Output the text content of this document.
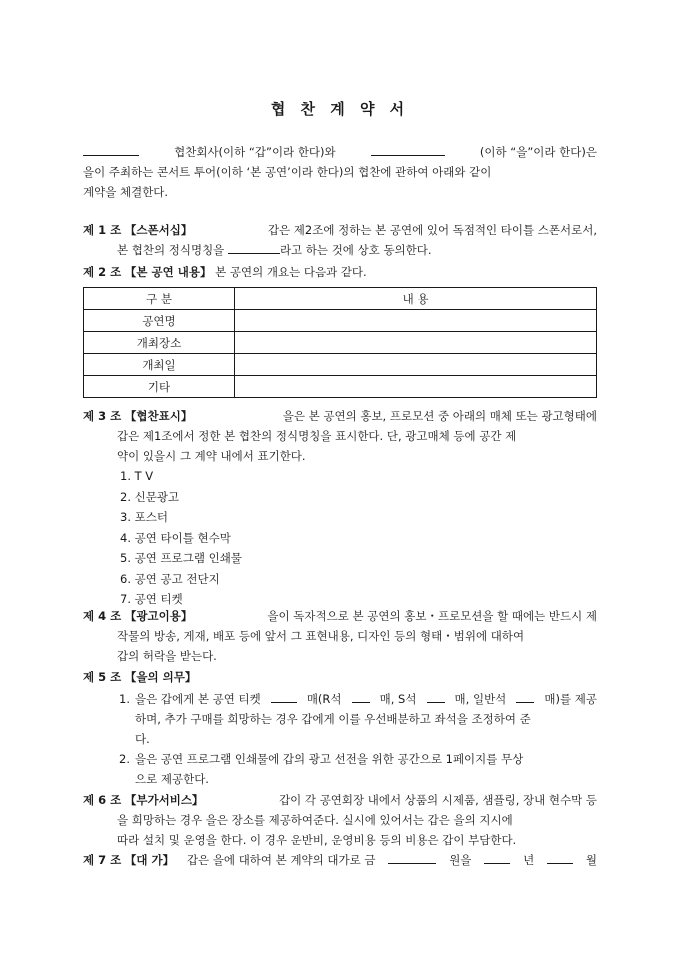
협 찬 계 약 서
협찬회사(이하 “갑”이라 한다)와	(이하 “을”이라 한다)은
을이 주최하는 콘서트 투어(이하 ‘본 공연’이라 한다)의 협찬에 관하여 아래와 같이
계약을 체결한다.
제 1 조 【스폰서십】	갑은 제2조에 정하는 본 공연에 있어 독점적인 타이틀 스폰서로서,
본 협찬의 정식명칭을	라고 하는 것에 상호 동의한다.
제 2 조 【본 공연 내용】 본 공연의 개요는 다음과 같다.
구 분	내 용
공연명	
개최장소	
개최일	
기타	
제 3 조 【협찬표시】	을은 본 공연의 홍보, 프로모션 중 아래의 매체 또는 광고형태에
갑은 제1조에서 정한 본 협찬의 정식명칭을 표시한다. 단, 광고매체 등에 공간 제
약이 있을시 그 계약 내에서 표기한다.
1. T V
2. 신문광고
3. 포스터
4. 공연 타이틀 현수막
5. 공연 프로그램 인쇄물
6. 공연 공고 전단지
7. 공연 티켓
제 4 조 【광고이용】	을이 독자적으로 본 공연의 홍보・프로모션을 할 때에는 반드시 제
작물의 방송, 게재, 배포 등에 앞서 그 표현내용, 디자인 등의 형태・범위에 대하여
갑의 허락을 받는다.
제 5 조 【을의 의무】
1. 을은 갑에게 본 공연 티켓	매(R석	매, S석	매, 일반석	매)를 제공
하며, 추가 구매를 희망하는 경우 갑에게 이를 우선배분하고 좌석을 조정하여 준
다.
2. 을은 공연 프로그램 인쇄물에 갑의 광고 선전을 위한 공간으로 1페이지를 무상
으로 제공한다.
제 6 조 【부가서비스】	갑이 각 공연회장 내에서 상품의 시제품, 샘플링, 장내 현수막 등
을 희망하는 경우 을은 장소를 제공하여준다. 실시에 있어서는 갑은 을의 지시에
따라 설치 및 운영을 한다. 이 경우 운반비, 운영비용 등의 비용은 갑이 부담한다.
제 7 조 【대 가】 갑은 을에 대하여 본 계약의 대가로 금	원을	년	월
